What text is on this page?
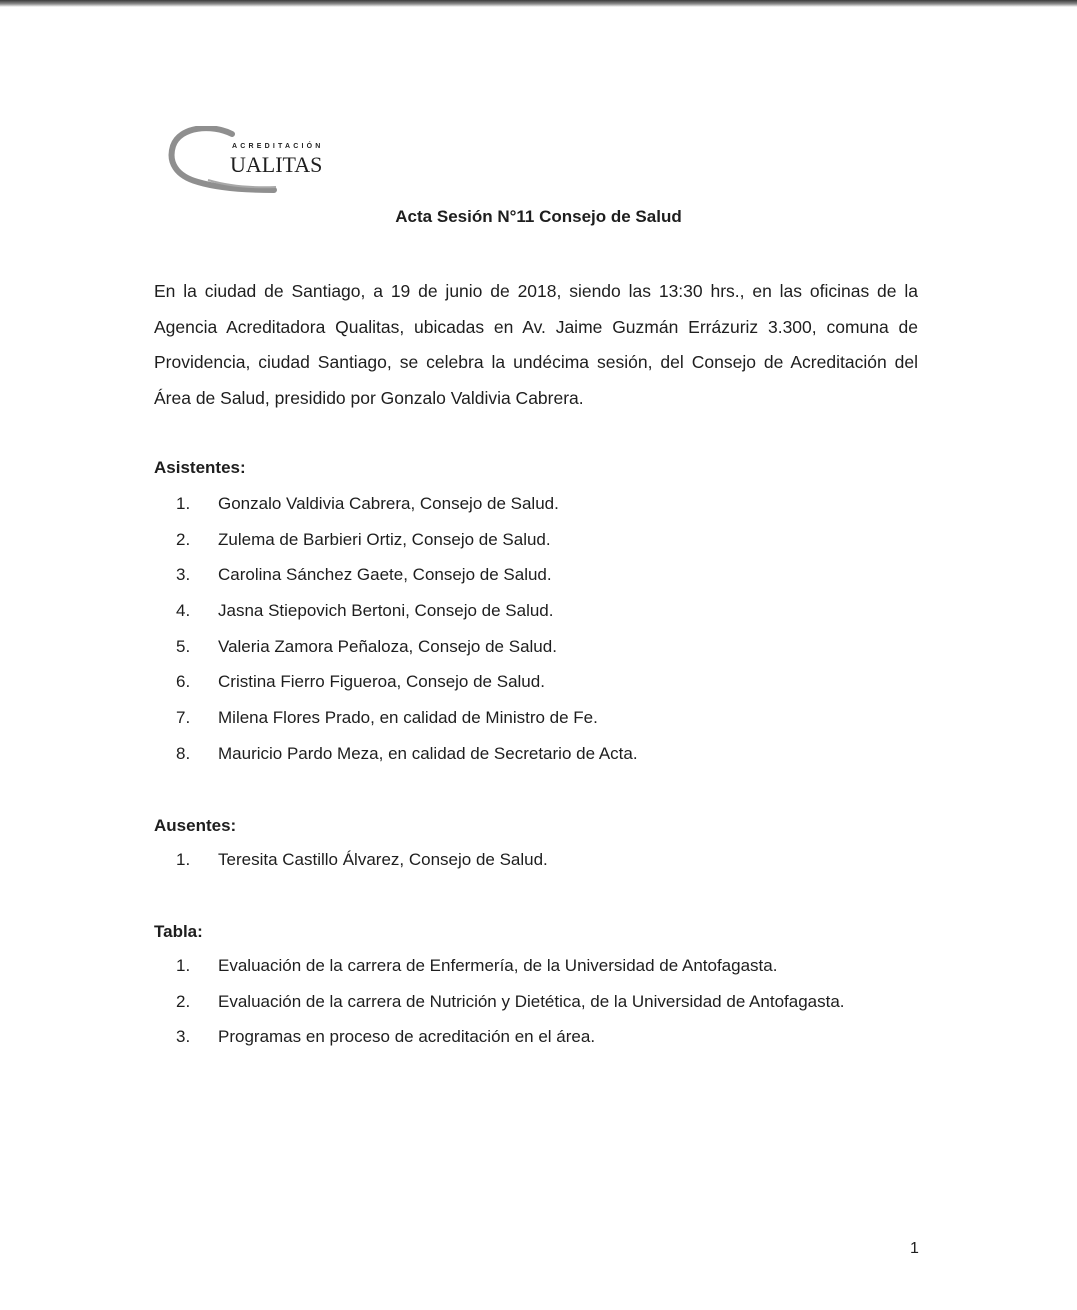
ACREDITACIÓN
UALITAS
Acta Sesión N°11 Consejo de Salud

En la ciudad de Santiago, a 19 de junio de 2018, siendo las 13:30 hrs., en las oficinas de la Agencia Acreditadora Qualitas, ubicadas en Av. Jaime Guzmán Errázuriz 3.300, comuna de Providencia, ciudad Santiago, se celebra la undécima sesión, del Consejo de Acreditación del Área de Salud, presidido por Gonzalo Valdivia Cabrera.

Asistentes:
1. Gonzalo Valdivia Cabrera, Consejo de Salud.
2. Zulema de Barbieri Ortiz, Consejo de Salud.
3. Carolina Sánchez Gaete, Consejo de Salud.
4. Jasna Stiepovich Bertoni, Consejo de Salud.
5. Valeria Zamora Peñaloza, Consejo de Salud.
6. Cristina Fierro Figueroa, Consejo de Salud.
7. Milena Flores Prado, en calidad de Ministro de Fe.
8. Mauricio Pardo Meza, en calidad de Secretario de Acta.
Ausentes:
1. Teresita Castillo Álvarez, Consejo de Salud.
Tabla:
1. Evaluación de la carrera de Enfermería, de la Universidad de Antofagasta.
2. Evaluación de la carrera de Nutrición y Dietética, de la Universidad de Antofagasta.
3. Programas en proceso de acreditación en el área.
1
